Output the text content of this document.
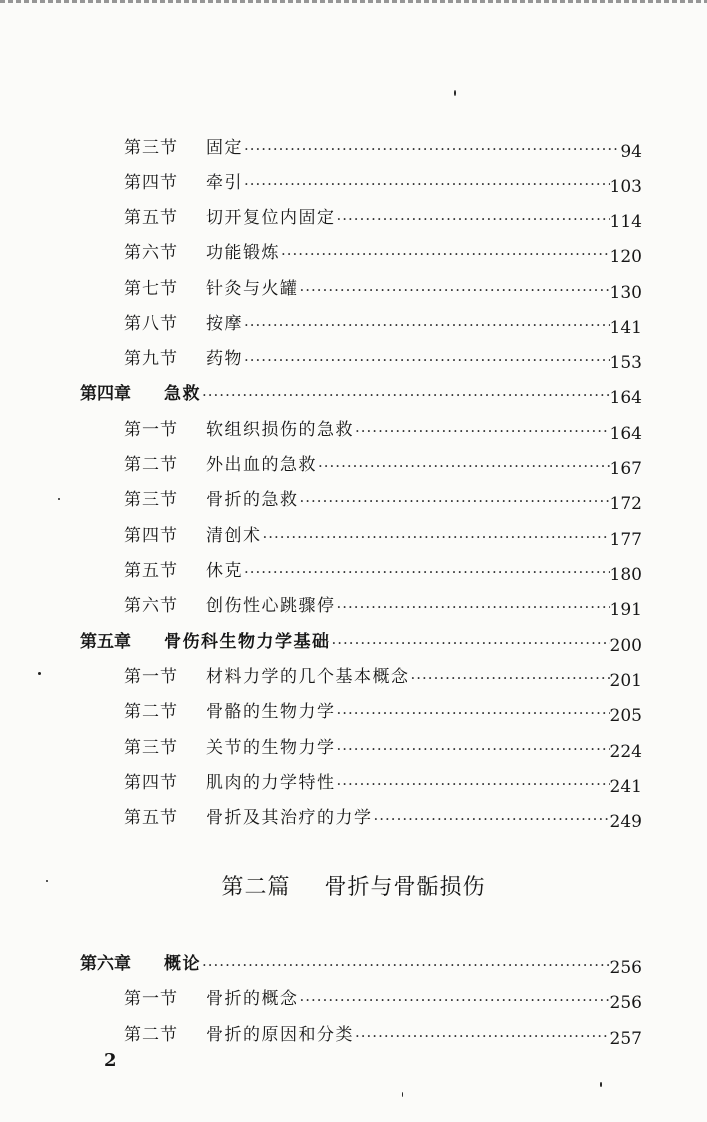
第三节	固定 ·····	94
第四节	牵引 ·····	103
第五节	切开复位内固定 ·····	114
第六节	功能锻炼 ·····	120
第七节	针灸与火罐 ·····	130
第八节	按摩 ·····	141
第九节	药物 ·····	153
第四章	急救 ·····	164
第一节	软组织损伤的急救 ·····	164
第二节	外出血的急救 ·····	167
第三节	骨折的急救 ·····	172
第四节	清创术 ·····	177
第五节	休克 ·····	180
第六节	创伤性心跳骤停 ·····	191
第五章	骨伤科生物力学基础 ·····	200
第一节	材料力学的几个基本概念 ·····	201
第二节	骨骼的生物力学 ·····	205
第三节	关节的生物力学 ·····	224
第四节	肌肉的力学特性 ·····	241
第五节	骨折及其治疗的力学 ·····	249
第六章	概论 ·····	256
第一节	骨折的概念 ·····	256
第二节	骨折的原因和分类 ·····	257
第二篇 骨折与骨骺损伤
2
